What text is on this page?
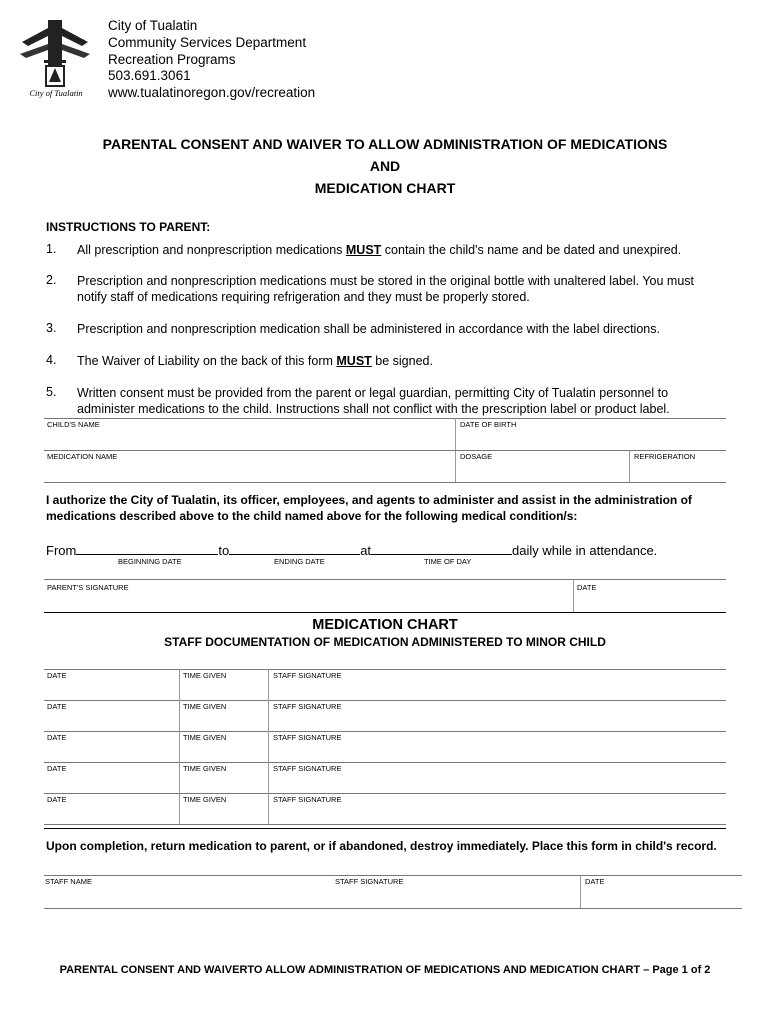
City of Tualatin
City of Tualatin
Community Services Department
Recreation Programs
503.691.3061
www.tualatinoregon.gov/recreation
PARENTAL CONSENT AND WAIVER TO ALLOW ADMINISTRATION OF MEDICATIONS
AND
MEDICATION CHART
INSTRUCTIONS TO PARENT:
1. All prescription and nonprescription medications MUST contain the child's name and be dated and unexpired.
2. Prescription and nonprescription medications must be stored in the original bottle with unaltered label. You must notify staff of medications requiring refrigeration and they must be properly stored.
3. Prescription and nonprescription medication shall be administered in accordance with the label directions.
4. The Waiver of Liability on the back of this form MUST be signed.
5. Written consent must be provided from the parent or legal guardian, permitting City of Tualatin personnel to administer medications to the child. Instructions shall not conflict with the prescription label or product label.
CHILD'S NAME	DATE OF BIRTH
MEDICATION NAME	DOSAGE	REFRIGERATION
I authorize the City of Tualatin, its officer, employees, and agents to administer and assist in the administration of medications described above to the child named above for the following medical condition/s:
From	to	at	daily while in attendance.
BEGINNING DATE	ENDING DATE	TIME OF DAY
PARENT'S SIGNATURE	DATE
MEDICATION CHART
STAFF DOCUMENTATION OF MEDICATION ADMINISTERED TO MINOR CHILD
DATE	TIME GIVEN	STAFF SIGNATURE
DATE	TIME GIVEN	STAFF SIGNATURE
DATE	TIME GIVEN	STAFF SIGNATURE
DATE	TIME GIVEN	STAFF SIGNATURE
DATE	TIME GIVEN	STAFF SIGNATURE
Upon completion, return medication to parent, or if abandoned, destroy immediately. Place this form in child's record.
STAFF NAME	STAFF SIGNATURE	DATE
PARENTAL CONSENT AND WAIVERTO ALLOW ADMINISTRATION OF MEDICATIONS AND MEDICATION CHART – Page 1 of 2
